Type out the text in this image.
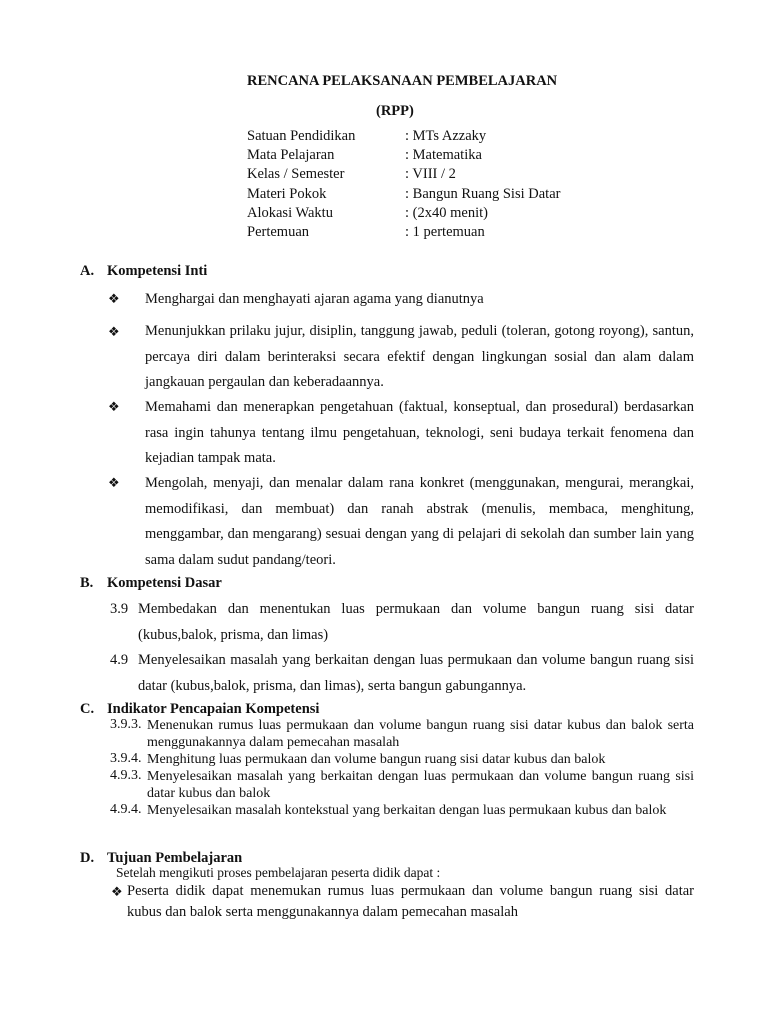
RENCANA PELAKSANAAN PEMBELAJARAN
(RPP)
Satuan Pendidikan	: MTs Azzaky
Mata Pelajaran	: Matematika
Kelas / Semester	: VIII / 2
Materi Pokok	: Bangun Ruang Sisi Datar
Alokasi Waktu	: (2x40 menit)
Pertemuan	: 1 pertemuan
A. Kompetensi Inti
❖ Menghargai dan menghayati ajaran agama yang dianutnya
❖ Menunjukkan prilaku jujur, disiplin, tanggung jawab, peduli (toleran, gotong royong), santun, percaya diri dalam berinteraksi secara efektif dengan lingkungan sosial dan alam dalam jangkauan pergaulan dan keberadaannya.
❖ Memahami dan menerapkan pengetahuan (faktual, konseptual, dan prosedural) berdasarkan rasa ingin tahunya tentang ilmu pengetahuan, teknologi, seni budaya terkait fenomena dan kejadian tampak mata.
❖ Mengolah, menyaji, dan menalar dalam rana konkret (menggunakan, mengurai, merangkai, memodifikasi, dan membuat) dan ranah abstrak (menulis, membaca, menghitung, menggambar, dan mengarang) sesuai dengan yang di pelajari di sekolah dan sumber lain yang sama dalam sudut pandang/teori.
B. Kompetensi Dasar
3.9 Membedakan dan menentukan luas permukaan dan volume bangun ruang sisi datar (kubus,balok, prisma, dan limas)
4.9 Menyelesaikan masalah yang berkaitan dengan luas permukaan dan volume bangun ruang sisi datar (kubus,balok, prisma, dan limas), serta bangun gabungannya.
C. Indikator Pencapaian Kompetensi
3.9.3. Menenukan rumus luas permukaan dan volume bangun ruang sisi datar kubus dan balok serta menggunakannya dalam pemecahan masalah
3.9.4. Menghitung luas permukaan dan volume bangun ruang sisi datar kubus dan balok
4.9.3. Menyelesaikan masalah yang berkaitan dengan luas permukaan dan volume bangun ruang sisi datar kubus dan balok
4.9.4. Menyelesaikan masalah kontekstual yang berkaitan dengan luas permukaan kubus dan balok
D. Tujuan Pembelajaran
Setelah mengikuti proses pembelajaran peserta didik dapat :
❖ Peserta didik dapat menemukan rumus luas permukaan dan volume bangun ruang sisi datar kubus dan balok serta menggunakannya dalam pemecahan masalah
